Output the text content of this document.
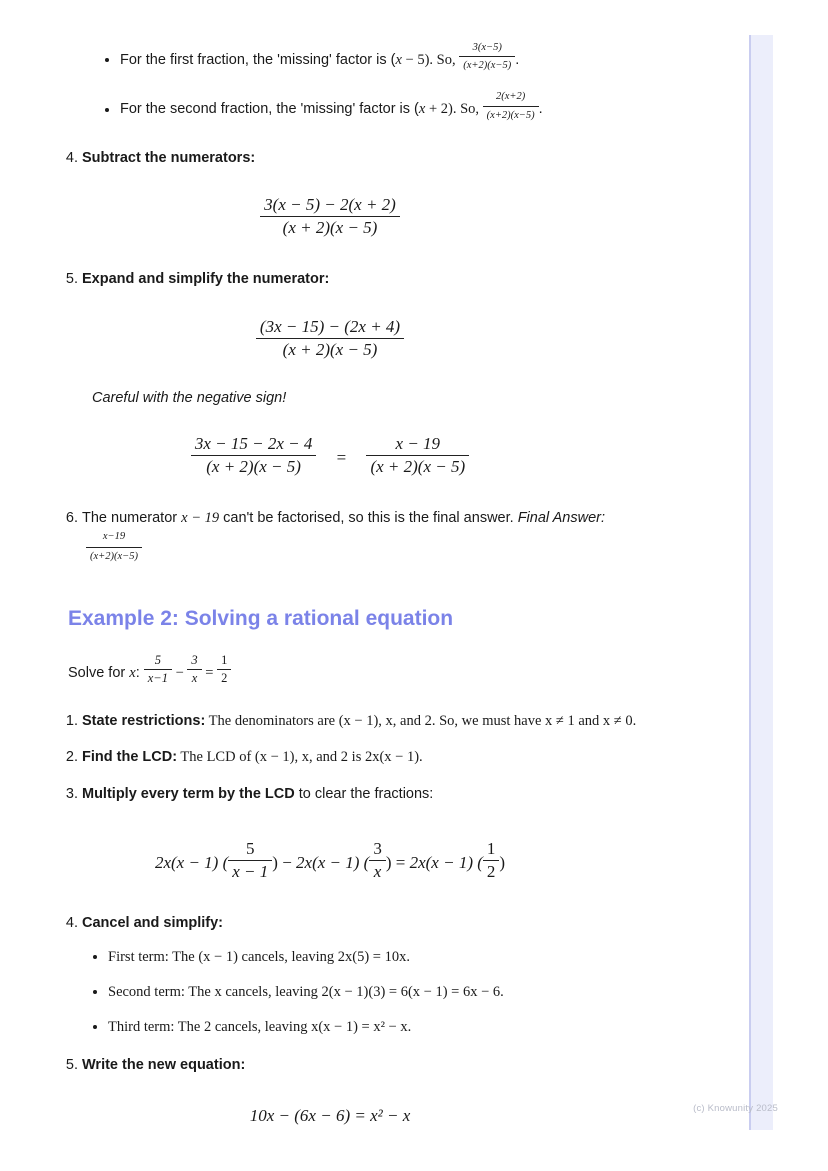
• For the first fraction, the 'missing' factor is (x − 5). So, $\frac{3(x-5)}{(x+2)(x-5)}$ .
• For the second fraction, the 'missing' factor is (x + 2). So, $\frac{2(x+2)}{(x+2)(x-5)}$ .
4. Subtract the numerators:
$\frac{3(x - 5) - 2(x + 2)}{(x + 2)(x - 5)}$
5. Expand and simplify the numerator:
$\frac{(3x - 15) - (2x + 4)}{(x + 2)(x - 5)}$
Careful with the negative sign!
$\frac{3x - 15 - 2x - 4}{(x + 2)(x - 5)} = \frac{x - 19}{(x + 2)(x - 5)}$
6. The numerator x − 19 can't be factorised, so this is the final answer. Final Answer:
$\frac{x-19}{(x+2)(x-5)}$
Example 2: Solving a rational equation
Solve for x: $\frac{5}{x-1} - \frac{3}{x} = \frac{1}{2}$
1. State restrictions: The denominators are (x − 1), x, and 2. So, we must have x ≠ 1 and x ≠ 0.
2. Find the LCD: The LCD of (x − 1), x, and 2 is 2x(x − 1).
3. Multiply every term by the LCD to clear the fractions:
2x(x − 1) ( $\frac{5}{x - 1}$ ) − 2x(x − 1) ( $\frac{3}{x}$ ) = 2x(x − 1) ( $\frac{1}{2}$ )
4. Cancel and simplify:
• First term: The (x − 1) cancels, leaving 2x(5) = 10x.
• Second term: The x cancels, leaving 2(x − 1)(3) = 6(x − 1) = 6x − 6.
• Third term: The 2 cancels, leaving x(x − 1) = x² − x.
5. Write the new equation:
10x − (6x − 6) = x² − x	(c) Knowunity 2025
